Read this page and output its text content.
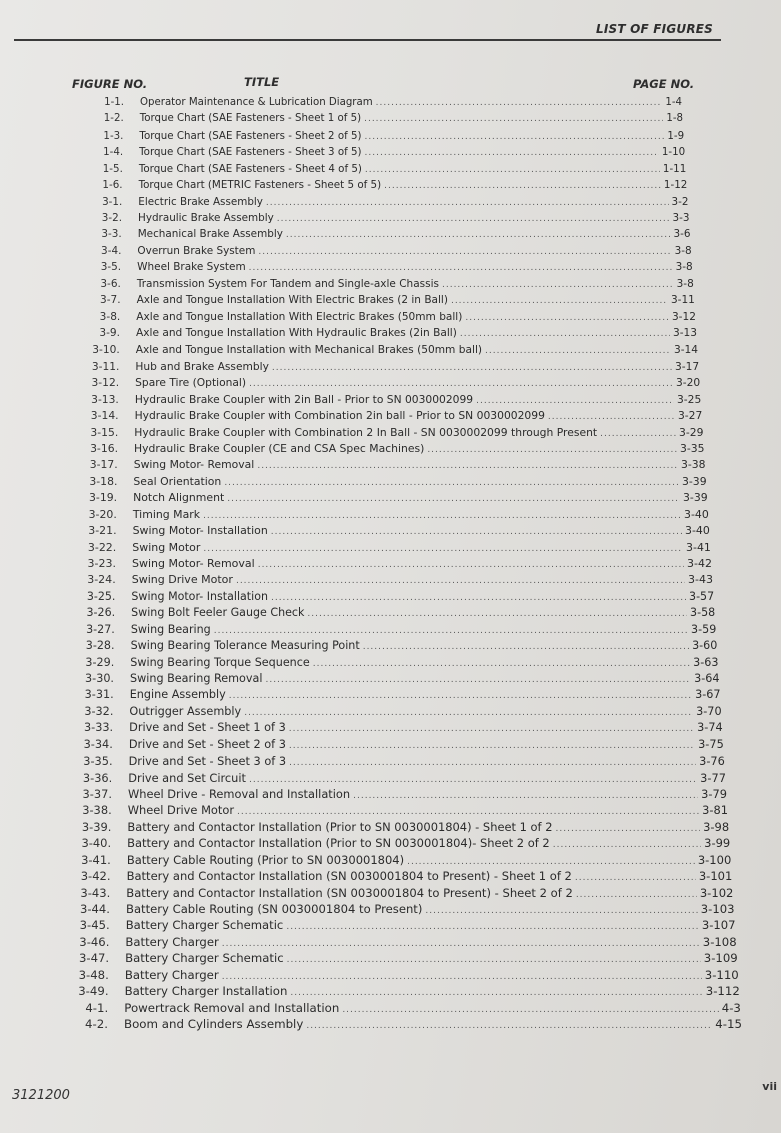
LIST OF FIGURES
FIGURE NO.	TITLE	PAGE NO.
1-1.	Operator Maintenance & Lubrication Diagram .....	1-4
1-2.	Torque Chart (SAE Fasteners - Sheet 1 of 5) .....	1-8
1-3.	Torque Chart (SAE Fasteners - Sheet 2 of 5) .....	1-9
1-4.	Torque Chart (SAE Fasteners - Sheet 3 of 5) .....	1-10
1-5.	Torque Chart (SAE Fasteners - Sheet 4 of 5) .....	1-11
1-6.	Torque Chart (METRIC Fasteners - Sheet 5 of 5) .....	1-12
3-1.	Electric Brake Assembly .....	3-2
3-2.	Hydraulic Brake Assembly .....	3-3
3-3.	Mechanical Brake Assembly .....	3-6
3-4.	Overrun Brake System .....	3-8
3-5.	Wheel Brake System .....	3-8
3-6.	Transmission System For Tandem and Single-axle Chassis .....	3-8
3-7.	Axle and Tongue Installation With Electric Brakes (2 in Ball) .....	3-11
3-8.	Axle and Tongue Installation With Electric Brakes (50mm ball) .....	3-12
3-9.	Axle and Tongue Installation With Hydraulic Brakes (2in Ball) .....	3-13
3-10.	Axle and Tongue Installation with Mechanical Brakes (50mm ball) .....	3-14
3-11.	Hub and Brake Assembly .....	3-17
3-12.	Spare Tire (Optional) .....	3-20
3-13.	Hydraulic Brake Coupler with 2in Ball - Prior to SN 0030002099 .....	3-25
3-14.	Hydraulic Brake Coupler with Combination 2in ball - Prior to SN 0030002099 .....	3-27
3-15.	Hydraulic Brake Coupler with Combination 2 In Ball - SN 0030002099 through Present .....	3-29
3-16.	Hydraulic Brake Coupler (CE and CSA Spec Machines) .....	3-35
3-17.	Swing Motor- Removal .....	3-38
3-18.	Seal Orientation .....	3-39
3-19.	Notch Alignment .....	3-39
3-20.	Timing Mark .....	3-40
3-21.	Swing Motor- Installation .....	3-40
3-22.	Swing Motor .....	3-41
3-23.	Swing Motor- Removal .....	3-42
3-24.	Swing Drive Motor .....	3-43
3-25.	Swing Motor- Installation .....	3-57
3-26.	Swing Bolt Feeler Gauge Check .....	3-58
3-27.	Swing Bearing .....	3-59
3-28.	Swing Bearing Tolerance Measuring Point .....	3-60
3-29.	Swing Bearing Torque Sequence .....	3-63
3-30.	Swing Bearing Removal .....	3-64
3-31.	Engine Assembly .....	3-67
3-32.	Outrigger Assembly .....	3-70
3-33.	Drive and Set - Sheet 1 of 3 .....	3-74
3-34.	Drive and Set - Sheet 2 of 3 .....	3-75
3-35.	Drive and Set - Sheet 3 of 3 .....	3-76
3-36.	Drive and Set Circuit .....	3-77
3-37.	Wheel Drive - Removal and Installation .....	3-79
3-38.	Wheel Drive Motor .....	3-81
3-39.	Battery and Contactor Installation (Prior to SN 0030001804) - Sheet 1 of 2 .....	3-98
3-40.	Battery and Contactor Installation (Prior to SN 0030001804)- Sheet 2 of 2 .....	3-99
3-41.	Battery Cable Routing (Prior to SN 0030001804) .....	3-100
3-42.	Battery and Contactor Installation (SN 0030001804 to Present) - Sheet 1 of 2 .....	3-101
3-43.	Battery and Contactor Installation (SN 0030001804 to Present) - Sheet 2 of 2 .....	3-102
3-44.	Battery Cable Routing (SN 0030001804 to Present) .....	3-103
3-45.	Battery Charger Schematic .....	3-107
3-46.	Battery Charger .....	3-108
3-47.	Battery Charger Schematic .....	3-109
3-48.	Battery Charger .....	3-110
3-49.	Battery Charger Installation .....	3-112
4-1.	Powertrack Removal and Installation .....	4-3
4-2.	Boom and Cylinders Assembly .....	4-15
3121200
vii
